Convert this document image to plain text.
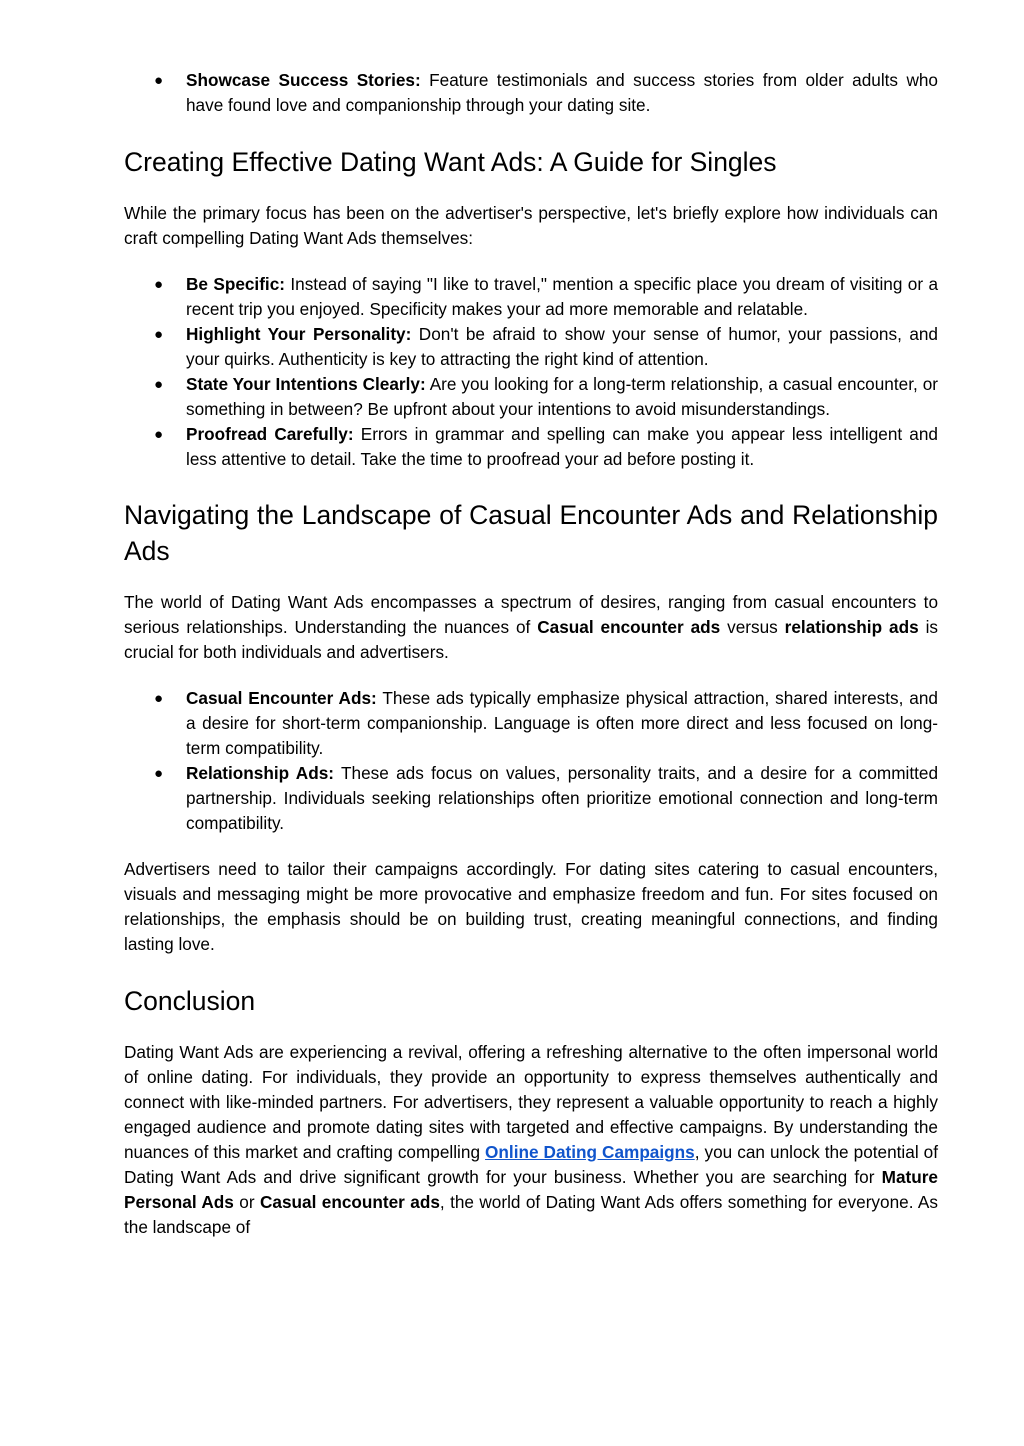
● Showcase Success Stories: Feature testimonials and success stories from older adults who have found love and companionship through your dating site.
Creating Effective Dating Want Ads: A Guide for Singles

While the primary focus has been on the advertiser's perspective, let's briefly explore how individuals can craft compelling Dating Want Ads themselves:

● Be Specific: Instead of saying "I like to travel," mention a specific place you dream of visiting or a recent trip you enjoyed. Specificity makes your ad more memorable and relatable.
● Highlight Your Personality: Don't be afraid to show your sense of humor, your passions, and your quirks. Authenticity is key to attracting the right kind of attention.
● State Your Intentions Clearly: Are you looking for a long-term relationship, a casual encounter, or something in between? Be upfront about your intentions to avoid misunderstandings.
● Proofread Carefully: Errors in grammar and spelling can make you appear less intelligent and less attentive to detail. Take the time to proofread your ad before posting it.
Navigating the Landscape of Casual Encounter Ads and Relationship Ads

The world of Dating Want Ads encompasses a spectrum of desires, ranging from casual encounters to serious relationships. Understanding the nuances of Casual encounter ads versus relationship ads is crucial for both individuals and advertisers.

● Casual Encounter Ads: These ads typically emphasize physical attraction, shared interests, and a desire for short-term companionship. Language is often more direct and less focused on long-term compatibility.
● Relationship Ads: These ads focus on values, personality traits, and a desire for a committed partnership. Individuals seeking relationships often prioritize emotional connection and long-term compatibility.

Advertisers need to tailor their campaigns accordingly. For dating sites catering to casual encounters, visuals and messaging might be more provocative and emphasize freedom and fun. For sites focused on relationships, the emphasis should be on building trust, creating meaningful connections, and finding lasting love.

Conclusion

Dating Want Ads are experiencing a revival, offering a refreshing alternative to the often impersonal world of online dating. For individuals, they provide an opportunity to express themselves authentically and connect with like-minded partners. For advertisers, they represent a valuable opportunity to reach a highly engaged audience and promote dating sites with targeted and effective campaigns. By understanding the nuances of this market and crafting compelling Online Dating Campaigns, you can unlock the potential of Dating Want Ads and drive significant growth for your business. Whether you are searching for Mature Personal Ads or Casual encounter ads, the world of Dating Want Ads offers something for everyone. As the landscape of
